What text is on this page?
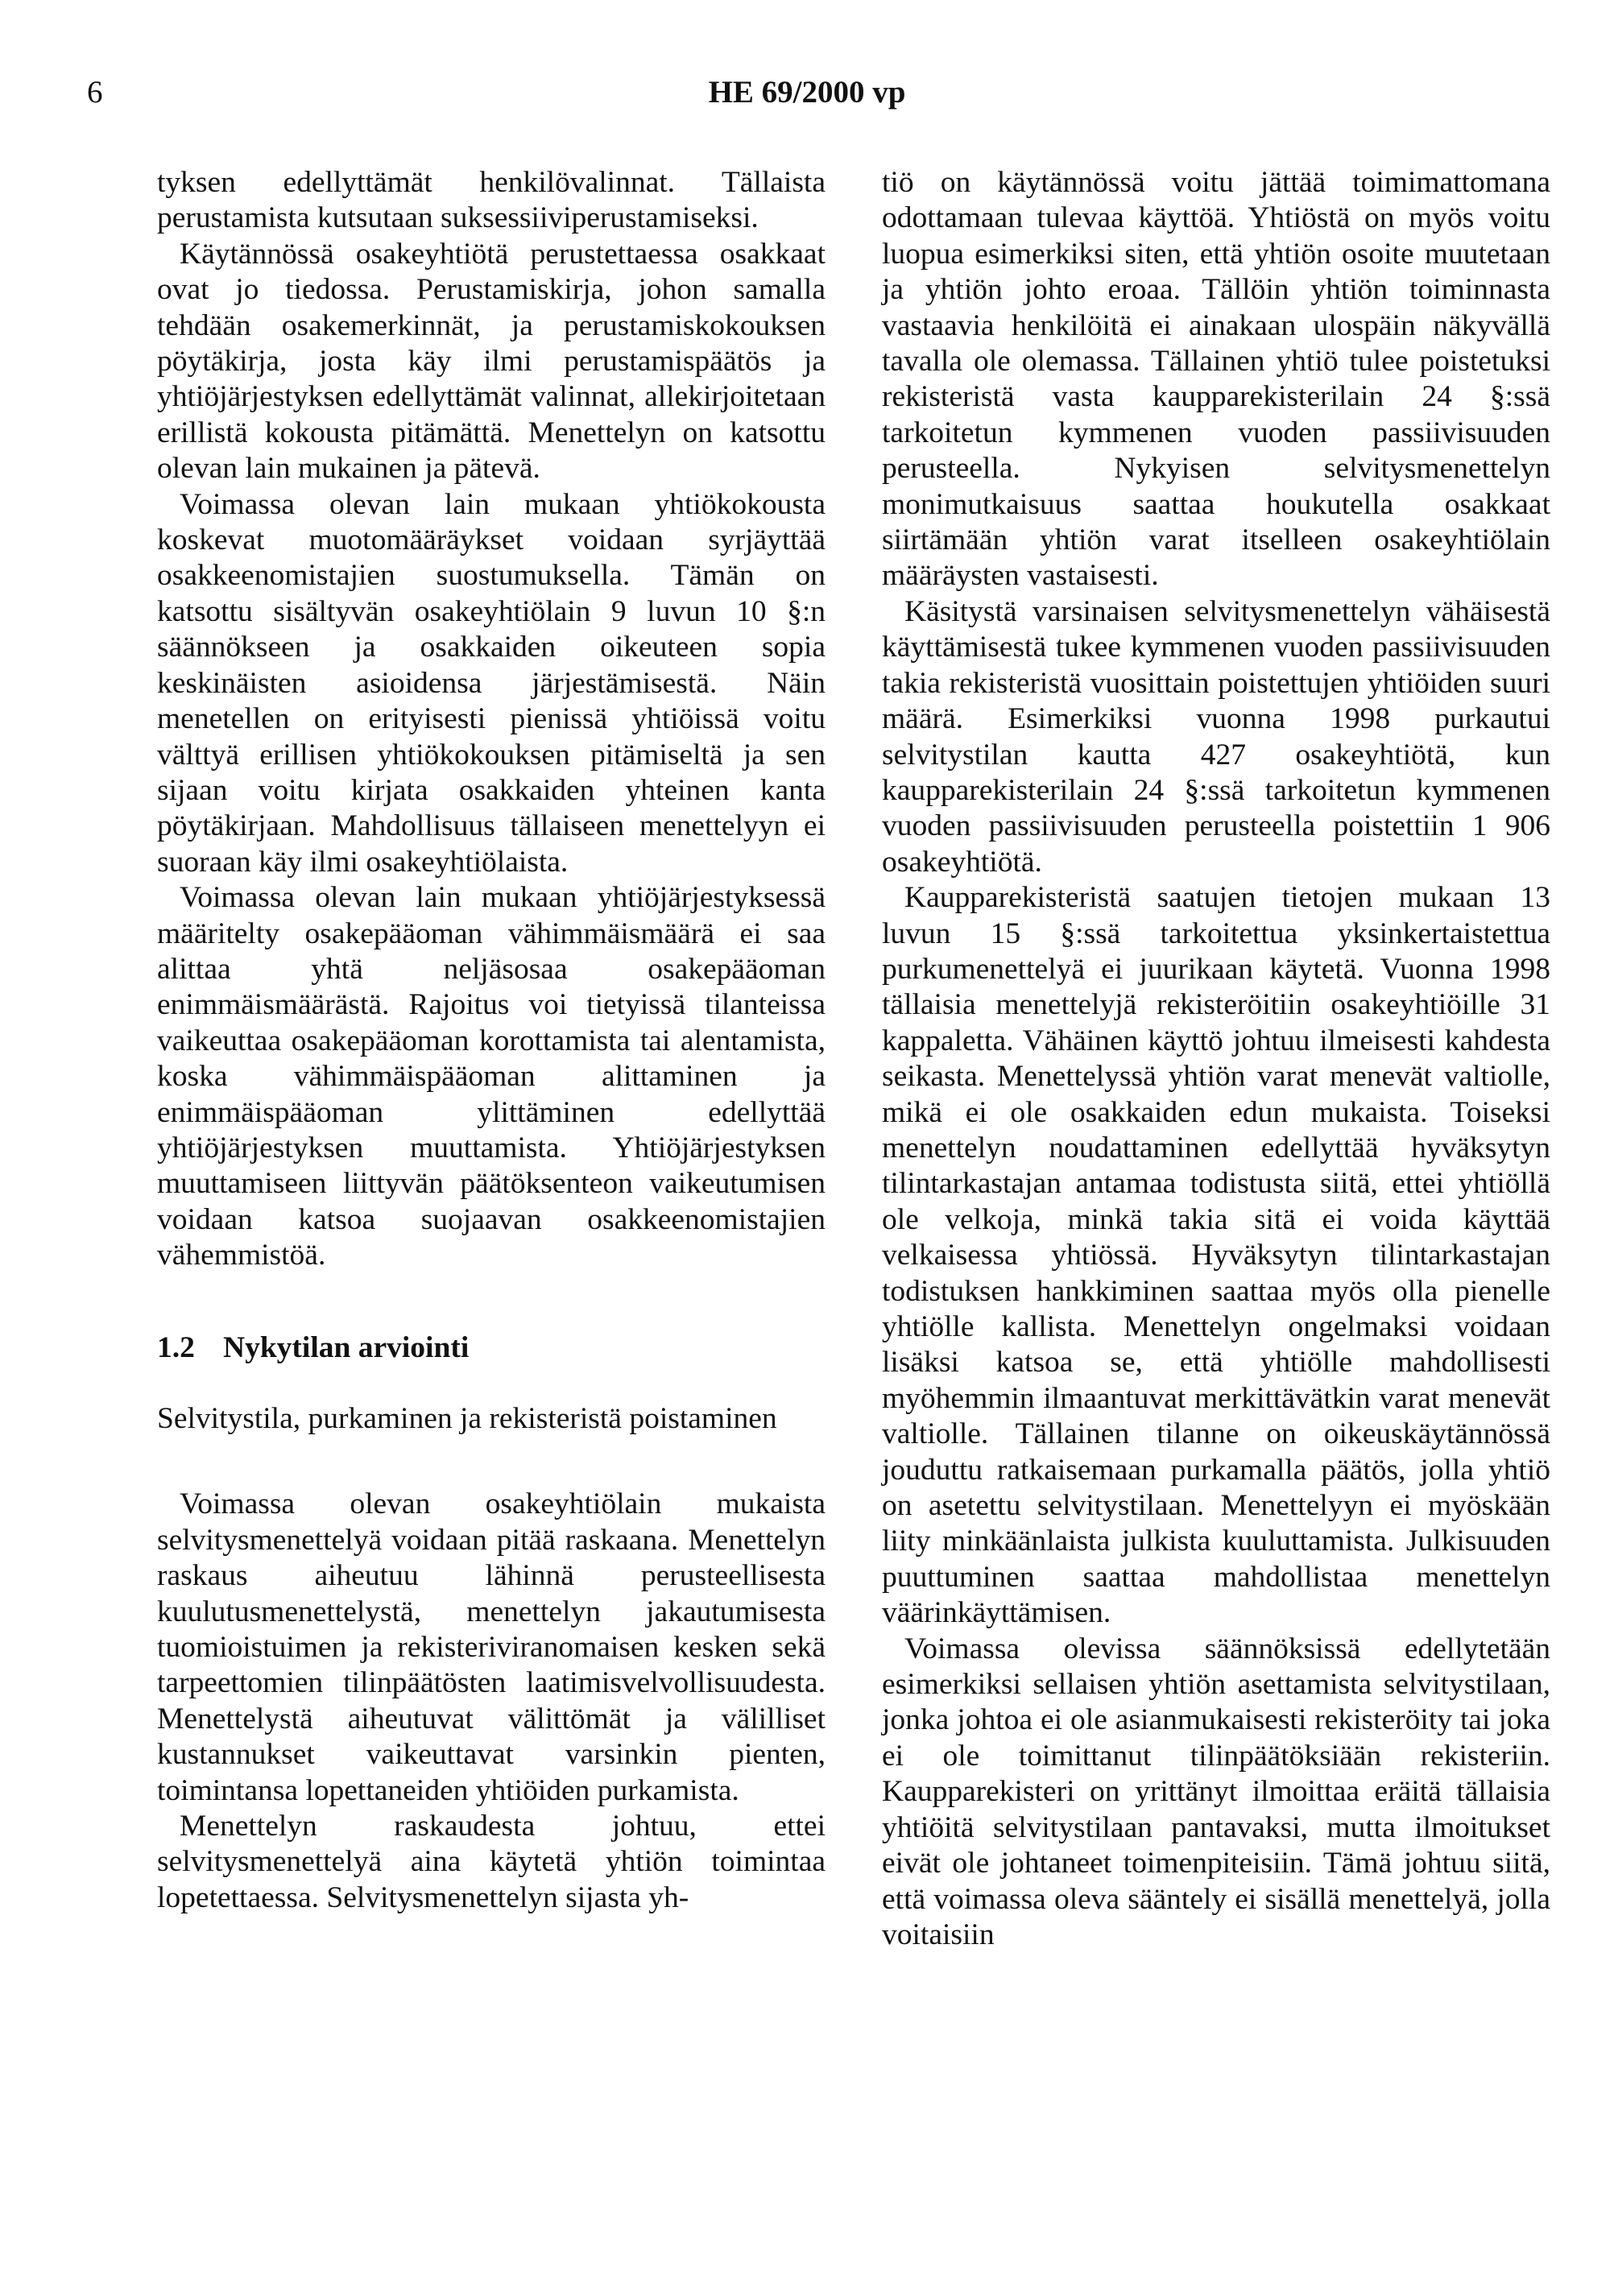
6	HE 69/2000 vp

tyksen edellyttämät henkilövalinnat. Tällaista perustamista kutsutaan suksessiiviperustamiseksi.

Käytännössä osakeyhtiötä perustettaessa osakkaat ovat jo tiedossa. Perustamiskirja, johon samalla tehdään osakemerkinnät, ja perustamiskokouksen pöytäkirja, josta käy ilmi perustamispäätös ja yhtiöjärjestyksen edellyttämät valinnat, allekirjoitetaan erillistä kokousta pitämättä. Menettelyn on katsottu olevan lain mukainen ja pätevä.

Voimassa olevan lain mukaan yhtiökokousta koskevat muotomääräykset voidaan syrjäyttää osakkeenomistajien suostumuksella. Tämän on katsottu sisältyvän osakeyhtiölain 9 luvun 10 §:n säännökseen ja osakkaiden oikeuteen sopia keskinäisten asioidensa järjestämisestä. Näin menetellen on erityisesti pienissä yhtiöissä voitu välttyä erillisen yhtiökokouksen pitämiseltä ja sen sijaan voitu kirjata osakkaiden yhteinen kanta pöytäkirjaan. Mahdollisuus tällaiseen menettelyyn ei suoraan käy ilmi osakeyhtiölaista.

Voimassa olevan lain mukaan yhtiöjärjestyksessä määritelty osakepääoman vähimmäismäärä ei saa alittaa yhtä neljäsosaa osakepääoman enimmäismäärästä. Rajoitus voi tietyissä tilanteissa vaikeuttaa osakepääoman korottamista tai alentamista, koska vähimmäispääoman alittaminen ja enimmäispääoman ylittäminen edellyttää yhtiöjärjestyksen muuttamista. Yhtiöjärjestyksen muuttamiseen liittyvän päätöksenteon vaikeutumisen voidaan katsoa suojaavan osakkeenomistajien vähemmistöä.

1.2 Nykytilan arviointi
Selvitystila, purkaminen ja rekisteristä poistaminen

Voimassa olevan osakeyhtiölain mukaista selvitysmenettelyä voidaan pitää raskaana. Menettelyn raskaus aiheutuu lähinnä perusteellisesta kuulutusmenettelystä, menettelyn jakautumisesta tuomioistuimen ja rekisteriviranomaisen kesken sekä tarpeettomien tilinpäätösten laatimisvelvollisuudesta. Menettelystä aiheutuvat välittömät ja välilliset kustannukset vaikeuttavat varsinkin pienten, toimintansa lopettaneiden yhtiöiden purkamista.

Menettelyn raskaudesta johtuu, ettei selvitysmenettelyä aina käytetä yhtiön toimintaa lopetettaessa. Selvitysmenettelyn sijasta yh-

tiö on käytännössä voitu jättää toimimattomana odottamaan tulevaa käyttöä. Yhtiöstä on myös voitu luopua esimerkiksi siten, että yhtiön osoite muutetaan ja yhtiön johto eroaa. Tällöin yhtiön toiminnasta vastaavia henkilöitä ei ainakaan ulospäin näkyvällä tavalla ole olemassa. Tällainen yhtiö tulee poistetuksi rekisteristä vasta kaupparekisterilain 24 §:ssä tarkoitetun kymmenen vuoden passiivisuuden perusteella. Nykyisen selvitysmenettelyn monimutkaisuus saattaa houkutella osakkaat siirtämään yhtiön varat itselleen osakeyhtiölain määräysten vastaisesti.

Käsitystä varsinaisen selvitysmenettelyn vähäisestä käyttämisestä tukee kymmenen vuoden passiivisuuden takia rekisteristä vuosittain poistettujen yhtiöiden suuri määrä. Esimerkiksi vuonna 1998 purkautui selvitystilan kautta 427 osakeyhtiötä, kun kaupparekisterilain 24 §:ssä tarkoitetun kymmenen vuoden passiivisuuden perusteella poistettiin 1 906 osakeyhtiötä.

Kaupparekisteristä saatujen tietojen mukaan 13 luvun 15 §:ssä tarkoitettua yksinkertaistettua purkumenettelyä ei juurikaan käytetä. Vuonna 1998 tällaisia menettelyjä rekisteröitiin osakeyhtiöille 31 kappaletta. Vähäinen käyttö johtuu ilmeisesti kahdesta seikasta. Menettelyssä yhtiön varat menevät valtiolle, mikä ei ole osakkaiden edun mukaista. Toiseksi menettelyn noudattaminen edellyttää hyväksytyn tilintarkastajan antamaa todistusta siitä, ettei yhtiöllä ole velkoja, minkä takia sitä ei voida käyttää velkaisessa yhtiössä. Hyväksytyn tilintarkastajan todistuksen hankkiminen saattaa myös olla pienelle yhtiölle kallista. Menettelyn ongelmaksi voidaan lisäksi katsoa se, että yhtiölle mahdollisesti myöhemmin ilmaantuvat merkittävätkin varat menevät valtiolle. Tällainen tilanne on oikeuskäytännössä jouduttu ratkaisemaan purkamalla päätös, jolla yhtiö on asetettu selvitystilaan. Menettelyyn ei myöskään liity minkäänlaista julkista kuuluttamista. Julkisuuden puuttuminen saattaa mahdollistaa menettelyn väärinkäyttämisen.

Voimassa olevissa säännöksissä edellytetään esimerkiksi sellaisen yhtiön asettamista selvitystilaan, jonka johtoa ei ole asianmukaisesti rekisteröity tai joka ei ole toimittanut tilinpäätöksiään rekisteriin. Kaupparekisteri on yrittänyt ilmoittaa eräitä tällaisia yhtiöitä selvitystilaan pantavaksi, mutta ilmoitukset eivät ole johtaneet toimenpiteisiin. Tämä johtuu siitä, että voimassa oleva sääntely ei sisällä menettelyä, jolla voitaisiin
